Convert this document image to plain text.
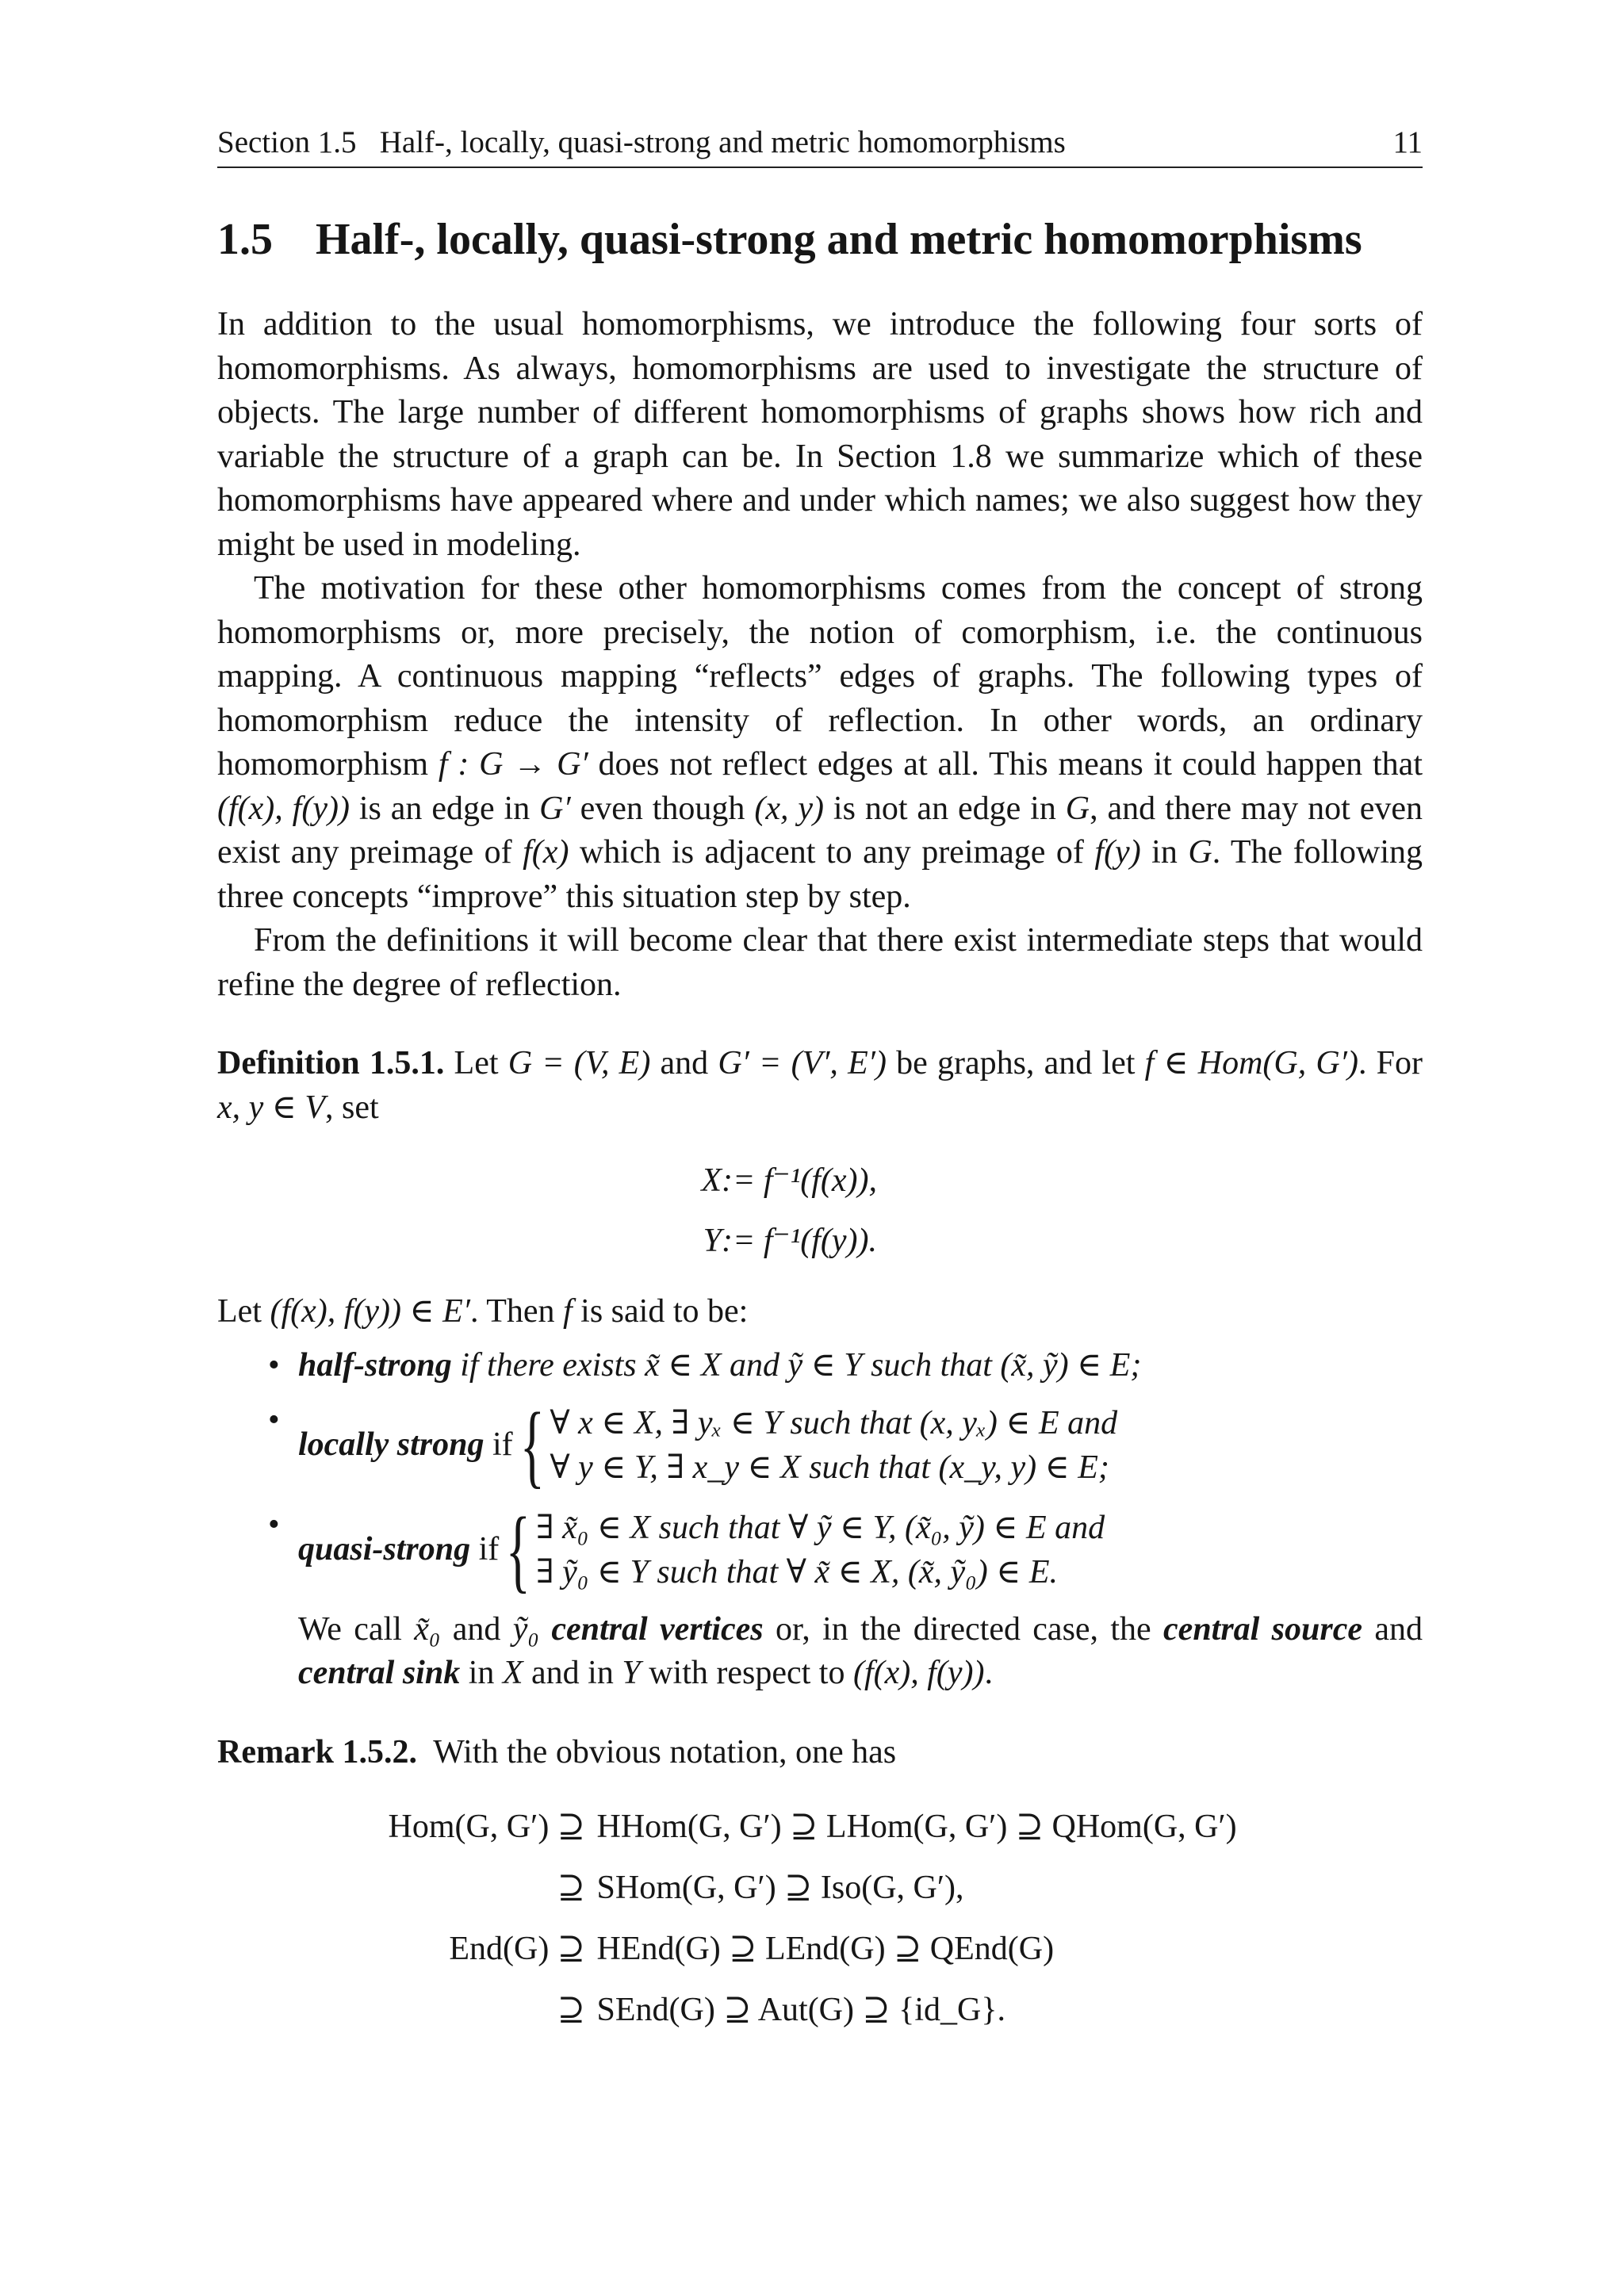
Section 1.5   Half-, locally, quasi-strong and metric homomorphisms	11
1.5 Half-, locally, quasi-strong and metric homomorphisms

In addition to the usual homomorphisms, we introduce the following four sorts of homomorphisms. As always, homomorphisms are used to investigate the structure of objects. The large number of different homomorphisms of graphs shows how rich and variable the structure of a graph can be. In Section 1.8 we summarize which of these homomorphisms have appeared where and under which names; we also suggest how they might be used in modeling.

The motivation for these other homomorphisms comes from the concept of strong homomorphisms or, more precisely, the notion of comorphism, i.e. the continuous mapping. A continuous mapping “reflects” edges of graphs. The following types of homomorphism reduce the intensity of reflection. In other words, an ordinary homomorphism f : G → G′ does not reflect edges at all. This means it could happen that (f(x), f(y)) is an edge in G′ even though (x, y) is not an edge in G, and there may not even exist any preimage of f(x) which is adjacent to any preimage of f(y) in G. The following three concepts “improve” this situation step by step.

From the definitions it will become clear that there exist intermediate steps that would refine the degree of reflection.

Definition 1.5.1. Let G = (V, E) and G′ = (V′, E′) be graphs, and let f ∈ Hom(G, G′). For x, y ∈ V, set

X := f⁻¹(f(x)),
Y := f⁻¹(f(y)).

Let (f(x), f(y)) ∈ E′. Then f is said to be:

• half-strong if there exists x̃ ∈ X and ỹ ∈ Y such that (x̃, ỹ) ∈ E;
• locally strong if { ∀ x ∈ X, ∃ yₓ ∈ Y such that (x, yₓ) ∈ E and
∀ y ∈ Y, ∃ x_y ∈ X such that (x_y, y) ∈ E;
• quasi-strong if { ∃ x̃₀ ∈ X such that ∀ ỹ ∈ Y, (x̃₀, ỹ) ∈ E and
∃ ỹ₀ ∈ Y such that ∀ x̃ ∈ X, (x̃, ỹ₀) ∈ E.

We call x̃₀ and ỹ₀ central vertices or, in the directed case, the central source and central sink in X and in Y with respect to (f(x), f(y)).

Remark 1.5.2.  With the obvious notation, one has

Hom(G, G′) ⊇ HHom(G, G′) ⊇ LHom(G, G′) ⊇ QHom(G, G′)
⊇ SHom(G, G′) ⊇ Iso(G, G′),
End(G) ⊇ HEnd(G) ⊇ LEnd(G) ⊇ QEnd(G)
⊇ SEnd(G) ⊇ Aut(G) ⊇ {id_G}.
